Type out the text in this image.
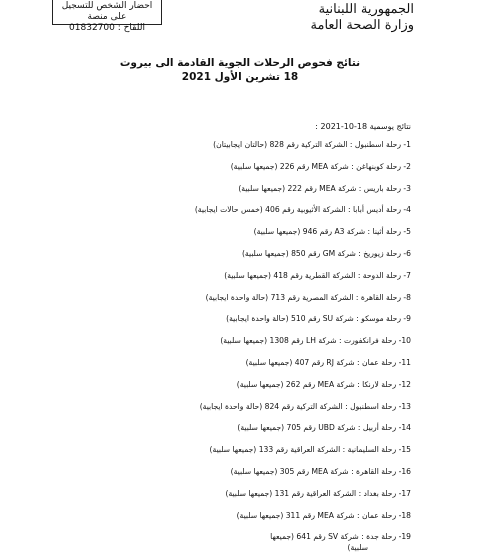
احضار الشخص للتسجيل على منصة
اللقاح : 01832700
الجمهورية اللبنانية
وزارة الصحة العامة
نتائج فحوص الرحلات الجوية القادمة الى بيروت
18 تشرين الأول 2021
نتائج يوسمية 18-10-2021 :
1- رحلة اسطنبول : الشركة التركية رقم 828 (حالتان ايجابيتان)
2- رحلة كوبنهاغن : شركة MEA رقم 226 (جميعها سلبية)
3- رحلة باريس : شركة MEA رقم 222 (جميعها سلبية)
4- رحلة أديس أبابا : الشركة الأثيوبية رقم 406 (خمس حالات ايجابية)
5- رحلة أثينا : شركة A3 رقم 946 (جميعها سلبية)
6- رحلة زيوريخ : شركة GM رقم 850 (جميعها سلبية)
7- رحلة الدوحة : الشركة القطرية رقم 418 (جميعها سلبية)
8- رحلة القاهرة : الشركة المصرية رقم 713 (حالة واحدة ايجابية)
9- رحلة موسكو : شركة SU رقم 510 (حالة واحدة ايجابية)
10- رحلة فرانكفورت : شركة LH رقم 1308 (جميعها سلبية)
11- رحلة عمان : شركة RJ رقم 407 (جميعها سلبية)
12- رحلة لارنكا : شركة MEA رقم 262 (جميعها سلبية)
13- رحلة اسطنبول : الشركة التركية رقم 824 (حالة واحدة ايجابية)
14- رحلة أربيل : شركة UBD رقم 705 (جميعها سلبية)
15- رحلة السليمانية : الشركة العراقية رقم 133 (جميعها سلبية)
16- رحلة القاهرة : شركة MEA رقم 305 (جميعها سلبية)
17- رحلة بغداد : الشركة العراقية رقم 131 (جميعها سلبية)
18- رحلة عمان : شركة MEA رقم 311 (جميعها سلبية)
19- رحلة جدة : شركة SV رقم 641 (جميعها
سلبية)
